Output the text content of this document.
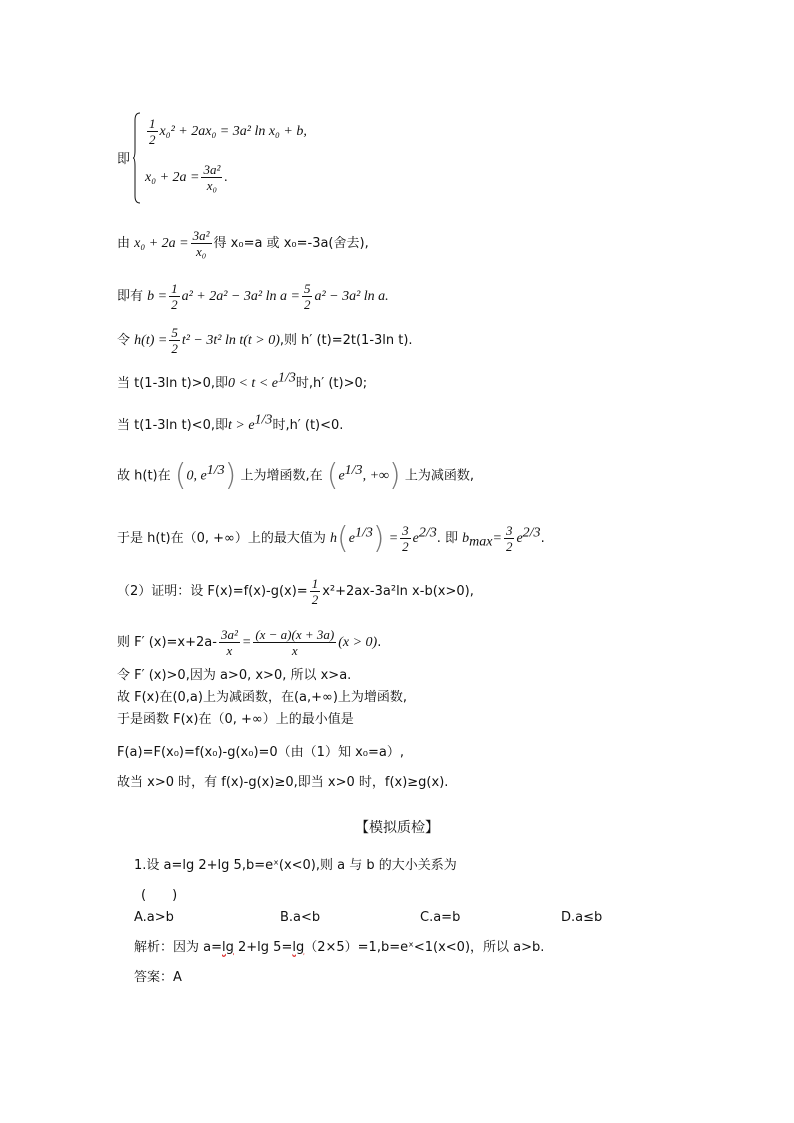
即
$\frac{1}{2} x_0^2 + 2ax_0 = 3a^2$ ln x₀ + b,
$x_0 + 2a = \frac{\text{3a²}}{\text{x₀}}$ .
由 $x_0 + 2a = \frac{\text{3a²}}{\text{x₀}}$ 得 x₀=a 或 x₀=-3a(舍去),
即有 $b = \frac{1}{2} a^2 + 2a^2 - 3a^2$ $\ln a = \frac{5}{2} a^2 - 3a^2$ ln a.
令 $h(t) = \frac{5}{2} t^2 - 3t^2$ ln t(t > 0),则 h′ (t)=2t(1-3ln t).
当 t(1-3ln t)>0,即$0 < t < e^{1/3}$时,h′ (t)>0;
当 t(1-3ln t)<0,即$t > e^{1/3}$时,h′ (t)<0.
故 h(t)在 (0, $e^{1/3}$) 上为增函数,在 ($e^{1/3}$, +∞) 上为减函数,
于是 h(t)在（0, +∞）上的最大值为 $h(e^{1/3}) = \frac{3}{2} e^{2/3}$. 即 $b_{max}= \frac{3}{2} e^{2/3}$.
（2）证明：设 $F(x)=f(x)-g(x)= \frac{1}{2} x^2+2ax-3a^2\ln$ x-b(x>0),
则 F′ $(x)=x+2a- \frac{\text{3a²}}{x} = \frac{(x - a)(x + 3a)}{x} (x > 0)$.
令 F′ (x)>0,因为 a>0, x>0, 所以 x>a.
故 F(x)在(0,a)上为减函数，在(a,+∞)上为增函数,
于是函数 F(x)在（0, +∞）上的最小值是
F(a)=F(x₀)=f(x₀)-g(x₀)=0（由（1）知 x₀=a）,
故当 x>0 时，有 f(x)-g(x)≥0,即当 x>0 时，f(x)≥g(x).
【模拟质检】
1.设 a=lg 2+lg 5,b=eˣ(x<0),则 a 与 b 的大小关系为
(　　)
A.a>b	B.a<b	C.a=b	D.a≤b
解析：因为 a=lg 2+lg 5=lg（2×5）=1,b=eˣ<1(x<0)，所以 a>b.
答案：A
